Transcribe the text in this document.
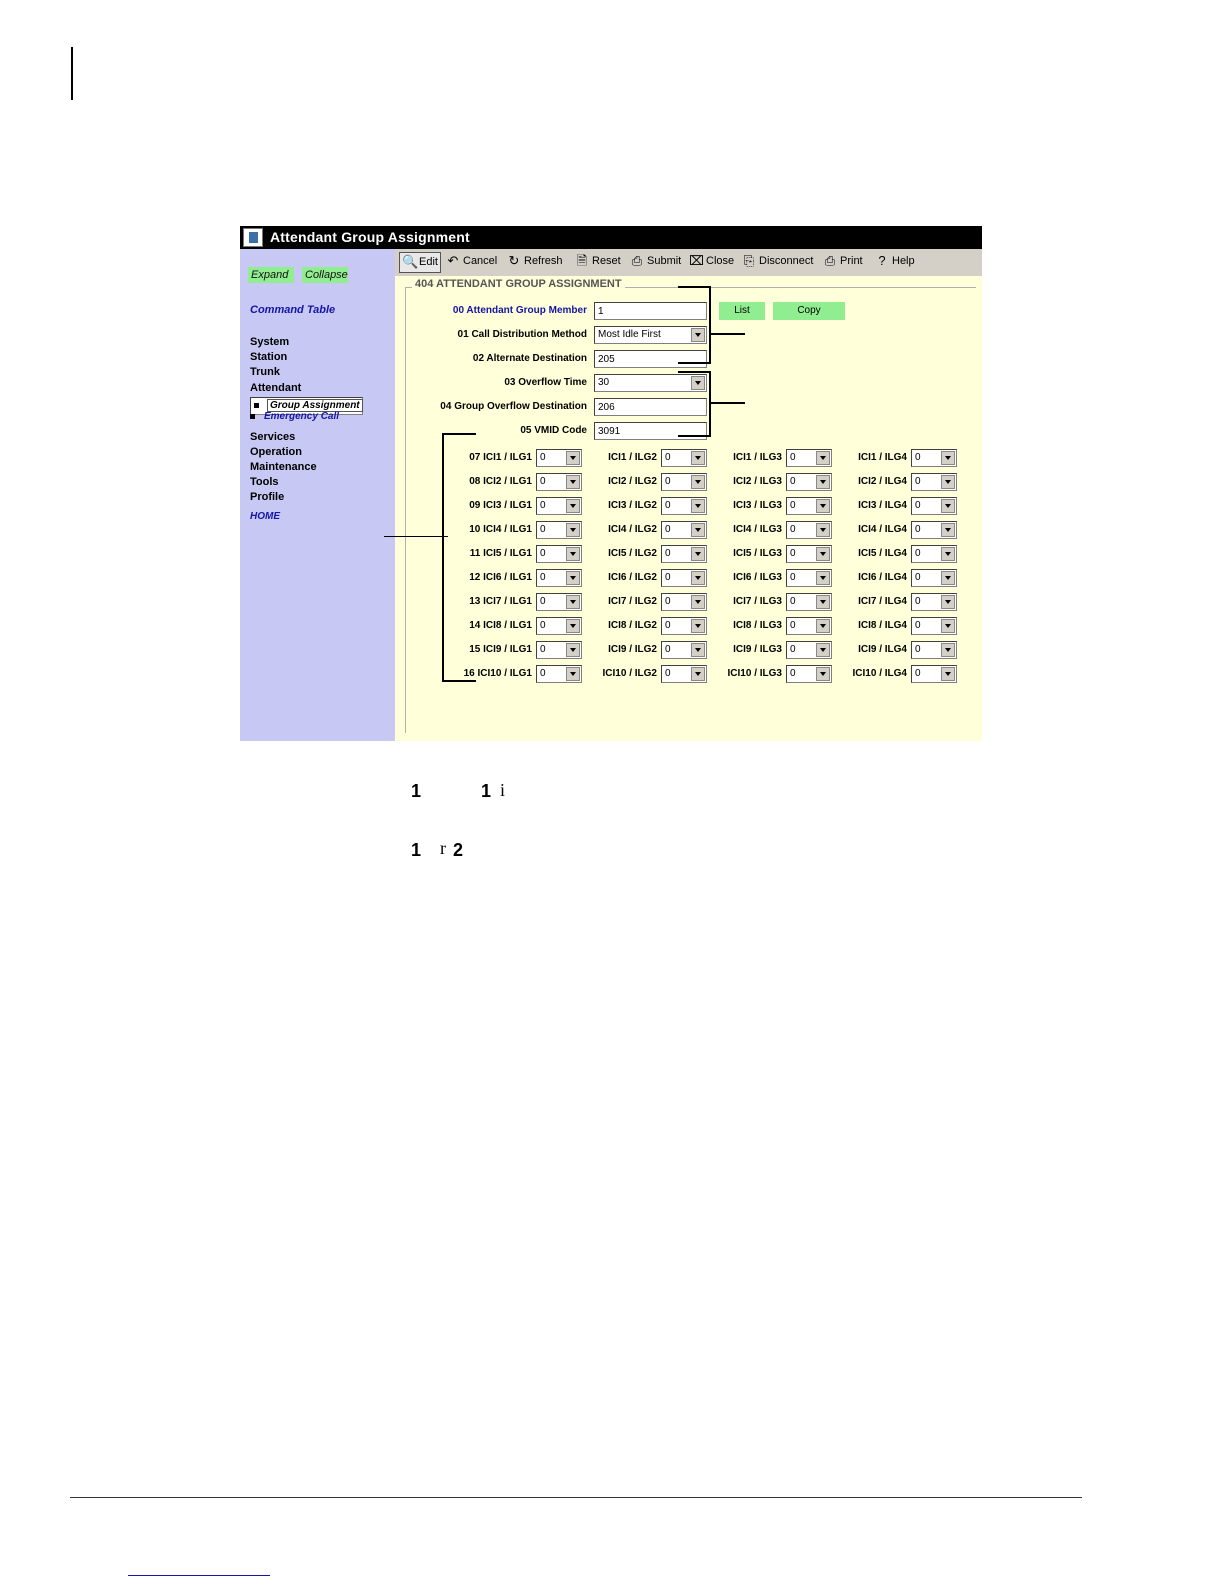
Attendant Group Assignment
Expand	Collapse
Command Table
System
Station
Trunk
Attendant
Group Assignment
Emergency Call
Services
Operation
Maintenance
Tools
Profile
HOME
🔍Edit ↶ Cancel ↻ Refresh 🗎 Reset ⎙ Submit ⌧ Close ⎘ Disconnect ⎙ Print ? Help
404 ATTENDANT GROUP ASSIGNMENT
00 Attendant Group Member	1	List	Copy
01 Call Distribution Method	Most Idle First
02 Alternate Destination	205
03 Overflow Time	30
04 Group Overflow Destination	206
05 VMID Code	3091
07 ICI1 / ILG1 0	ICI1 / ILG2 0	ICI1 / ILG3 0	ICI1 / ILG4 0
08 ICI2 / ILG1 0	ICI2 / ILG2 0	ICI2 / ILG3 0	ICI2 / ILG4 0
09 ICI3 / ILG1 0	ICI3 / ILG2 0	ICI3 / ILG3 0	ICI3 / ILG4 0
10 ICI4 / ILG1 0	ICI4 / ILG2 0	ICI4 / ILG3 0	ICI4 / ILG4 0
11 ICI5 / ILG1 0	ICI5 / ILG2 0	ICI5 / ILG3 0	ICI5 / ILG4 0
12 ICI6 / ILG1 0	ICI6 / ILG2 0	ICI6 / ILG3 0	ICI6 / ILG4 0
13 ICI7 / ILG1 0	ICI7 / ILG2 0	ICI7 / ILG3 0	ICI7 / ILG4 0
14 ICI8 / ILG1 0	ICI8 / ILG2 0	ICI8 / ILG3 0	ICI8 / ILG4 0
15 ICI9 / ILG1 0	ICI9 / ILG2 0	ICI9 / ILG3 0	ICI9 / ILG4 0
16 ICI10 / ILG1 0	ICI10 / ILG2 0	ICI10 / ILG3 0	ICI10 / ILG4 0
1	1 i
1 r 2
